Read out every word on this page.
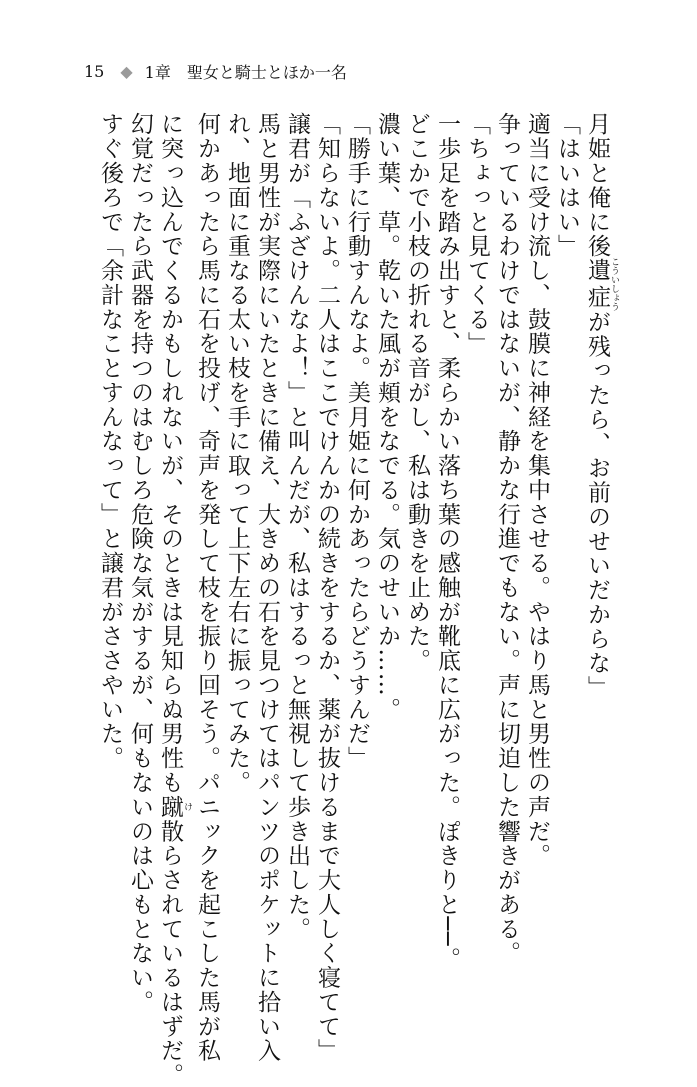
15 ◆ 1章 聖女と騎士とほか一名

月姫と俺に後遺症 こういしょうが残ったら、お前のせいだからな」

「はいはい」

適当に受け流し、鼓膜に神経を集中させる。やはり馬と男性の声だ。

争っているわけではないが、静かな行進でもない。声に切迫した響きがある。

「ちょっと見てくる」

一歩足を踏み出すと、柔らかい落ち葉の感触が靴底に広がった。ぽきりと──。

どこかで小枝の折れる音がし、私は動きを止めた。

濃い葉、草。乾いた風が頬をなでる。気のせいか……。

「勝手に行動すんなよ。美月姫に何かあったらどうすんだ」

「知らないよ。二人はここでけんかの続きをするか、薬が抜けるまで大人しく寝てて」

譲君が「ふざけんなよ！」と叫んだが、私はするっと無視して歩き出した。

馬と男性が実際にいたときに備え、大きめの石を見つけてはパンツのポケットに拾い入

れ、地面に重なる太い枝を手に取って上下左右に振ってみた。

何かあったら馬に石を投げ、奇声を発して枝を振り回そう。パニックを起こした馬が私

に突っ込んでくるかもしれないが、そのときは見知らぬ男性も蹴 け散らされているはずだ。

幻覚だったら武器を持つのはむしろ危険な気がするが、何もないのは心もとない。

すぐ後ろで「余計なことすんなって」と譲君がささやいた。
